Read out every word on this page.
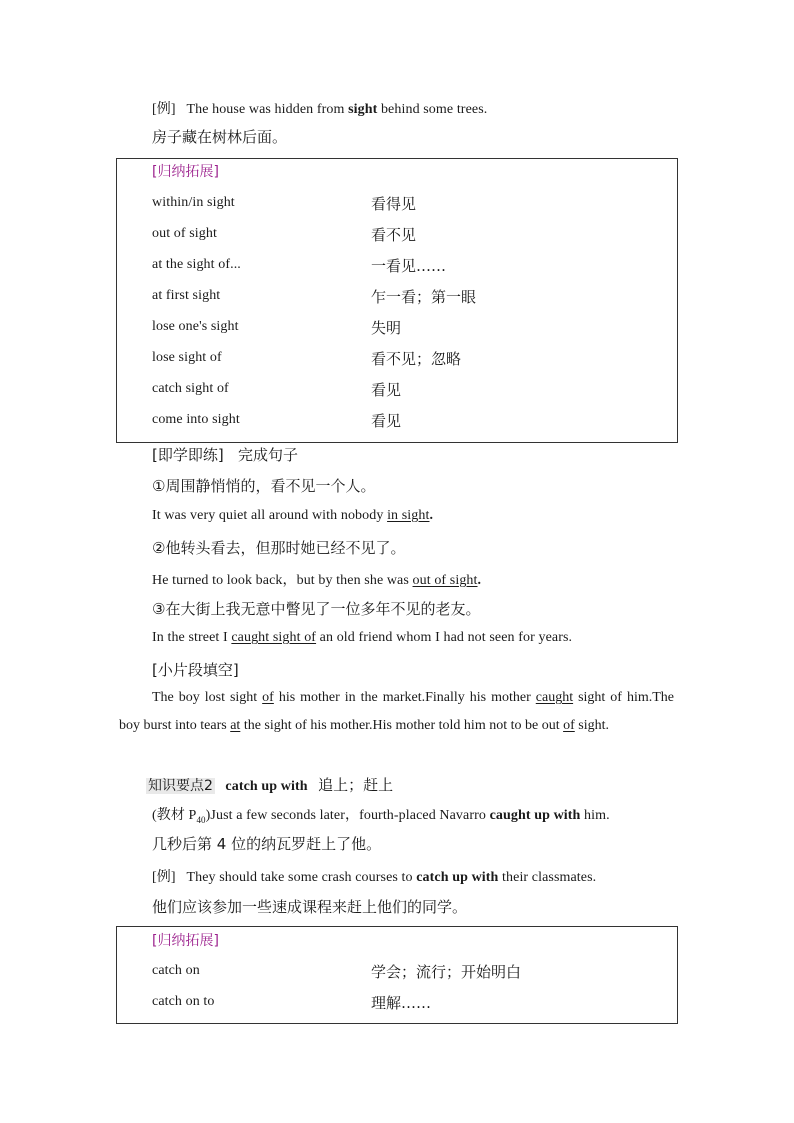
[例] The house was hidden from sight behind some trees.
房子藏在树林后面。
[归纳拓展]
within/in sight	看得见
out of sight	看不见
at the sight of...	一看见……
at first sight	乍一看；第一眼
lose one's sight	失明
lose sight of	看不见；忽略
catch sight of	看见
come into sight	看见
[即学即练] 完成句子
①周围静悄悄的，看不见一个人。
It was very quiet all around with nobody in sight.
②他转头看去，但那时她已经不见了。
He turned to look back，but by then she was out of sight.
③在大街上我无意中瞥见了一位多年不见的老友。
In the street I caught sight of an old friend whom I had not seen for years.
[小片段填空]
The boy lost sight of his mother in the market.Finally his mother caught sight of him.The boy burst into tears at the sight of his mother.His mother told him not to be out of sight.
知识要点2 catch up with 追上；赶上
(教材 $P_{40})Just$ a few seconds later，fourth-placed Navarro caught up with him.
几秒后第 4 位的纳瓦罗赶上了他。
[例] They should take some crash courses to catch up with their classmates.
他们应该参加一些速成课程来赶上他们的同学。
[归纳拓展]
catch on	学会；流行；开始明白
catch on to	理解……
